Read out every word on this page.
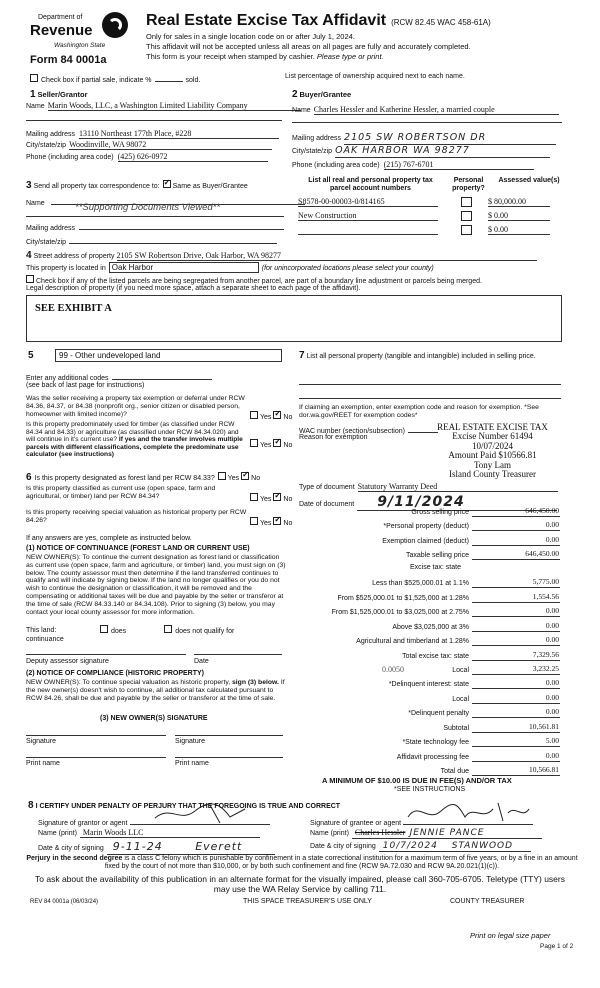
Department of
Revenue
Washington State
Form 84 0001a
Real Estate Excise Tax Affidavit (RCW 82.45 WAC 458-61A)
Only for sales in a single location code on or after July 1, 2024.
This affidavit will not be accepted unless all areas on all pages are fully and accurately completed.
This form is your receipt when stamped by cashier. Please type or print.
Check box if partial sale, indicate %	sold.
List percentage of ownership acquired next to each name.
1 Seller/Grantor
Name Marin Woods, LLC, a Washington Limited Liability Company
Mailing address 13110 Northeast 177th Place, #228
City/state/zip Woodinville, WA 98072
Phone (including area code) (425) 626-0972
2 Buyer/Grantee
Name Charles Hessler and Katherine Hessler, a married couple
Mailing address 2105 SW ROBERTSON DR
City/state/zip OAK HARBOR WA 98277
Phone (including area code) (215) 767-6701
3 Send all property tax correspondence to: ✓ Same as Buyer/Grantee
Name	**Supporting Documents Viewed**
Mailing address
City/state/zip
List all real and personal property tax parcel account numbers
Personal property?
Assessed value(s)
S8578-00-00003-0/814165	$ 80,000.00
New Construction	$ 0.00
$ 0.00
4 Street address of property 2105 SW Robertson Drive, Oak Harbor, WA 98277
This property is located in Oak Harbor	(for unincorporated locations please select your county)
Check box if any of the listed parcels are being segregated from another parcel, are part of a boundary line adjustment or parcels being merged.
Legal description of property (if you need more space, attach a separate sheet to each page of the affidavit).
SEE EXHIBIT A
5	99 - Other undeveloped land
Enter any additional codes
(see back of last page for instructions)
Was the seller receiving a property tax exemption or deferral under RCW 84.36, 84.37, or 84.38 (nonprofit org., senior citizen or disabled person, homeowner with limited income)?	Yes ✓ No
Is this property predominately used for timber (as classified under RCW 84.34 and 84.33) or agriculture (as classified under RCW 84.34.020) and will continue in it's current use? If yes and the transfer involves multiple parcels with different classifications, complete the predominate use calculator (see instructions)
Yes ✓ No
6 Is this property designated as forest land per RCW 84.33? Yes ✓ No
Is this property classified as current use (open space, farm and agricultural, or timber) land per RCW 84.34?	Yes ✓ No
Is this property receiving special valuation as historical property per RCW 84.26?	Yes ✓ No
If any answers are yes, complete as instructed below.
(1) NOTICE OF CONTINUANCE (FOREST LAND OR CURRENT USE)
NEW OWNER(S): To continue the current designation as forest land or classification as current use (open space, farm and agriculture, or timber) land, you must sign on (3) below. The county assessor must then determine if the land transferred continues to qualify and will indicate by signing below. If the land no longer qualifies or you do not wish to continue the designation or classification, it will be removed and the compensating or additional taxes will be due and payable by the seller or transferor at the time of sale (RCW 84.33.140 or 84.34.108). Prior to signing (3) below, you may contact your local county assessor for more information.
This land:
continuance
does	does not qualify for
Deputy assessor signature	Date
(2) NOTICE OF COMPLIANCE (HISTORIC PROPERTY)
NEW OWNER(S): To continue special valuation as historic property, sign (3) below. If the new owner(s) doesn't wish to continue, all additional tax calculated pursuant to RCW 84.26, shall be due and payable by the seller or transferor at the time of sale.
(3) NEW OWNER(S) SIGNATURE
Signature	Signature
Print name	Print name
7 List all personal property (tangible and intangible) included in selling price.
If claiming an exemption, enter exemption code and reason for exemption. *See dor.wa.gov/REET for exemption codes*
WAC number (section/subsection)
Reason for exemption
REAL ESTATE EXCISE TAX
Excise Number 61494
10/07/2024
Amount Paid $10566.81
Tony Lam
Island County Treasurer
Type of document Statutory Warranty Deed
Date of document	9/11/2024
Gross selling price	646,450.00
*Personal property (deduct)	0.00
Exemption claimed (deduct)	0.00
Taxable selling price	646,450.00
Excise tax: state
Less than $525,000.01 at 1.1%	5,775.00
From $525,000.01 to $1,525,000 at 1.28%	1,554.56
From $1,525,000.01 to $3,025,000 at 2.75%	0.00
Above $3,025,000 at 3%	0.00
Agricultural and timberland at 1.28%	0.00
Total excise tax: state	7,329.56
0.0050	Local	3,232.25
*Delinquent interest: state	0.00
Local	0.00
*Delinquent penalty	0.00
Subtotal	10,561.81
*State technology fee	5.00
Affidavit processing fee	0.00
Total due	10,566.81
A MINIMUM OF $10.00 IS DUE IN FEE(S) AND/OR TAX
*SEE INSTRUCTIONS
8 I CERTIFY UNDER PENALTY OF PERJURY THAT THE FOREGOING IS TRUE AND CORRECT
Signature of grantor or agent
Name (print) Marin Woods LLC
Date & city of signing 9-11-24	Everett
Signature of grantee or agent
Name (print) Charles Hessler JENNIE PANCE
Date & city of signing 10/7/2024 STANWOOD
Perjury in the second degree is a class C felony which is punishable by confinement in a state correctional institution for a maximum term of five years, or by a fine in an amount fixed by the court of not more than $10,000, or by both such confinement and fine (RCW 9A.72.030 and RCW 9A.20.021(1)(c)).
To ask about the availability of this publication in an alternate format for the visually impaired, please call 360-705-6705. Teletype (TTY) users may use the WA Relay Service by calling 711.
REV 84 0001a (06/03/24)	THIS SPACE TREASURER'S USE ONLY	COUNTY TREASURER
Print on legal size paper
Page 1 of 2
